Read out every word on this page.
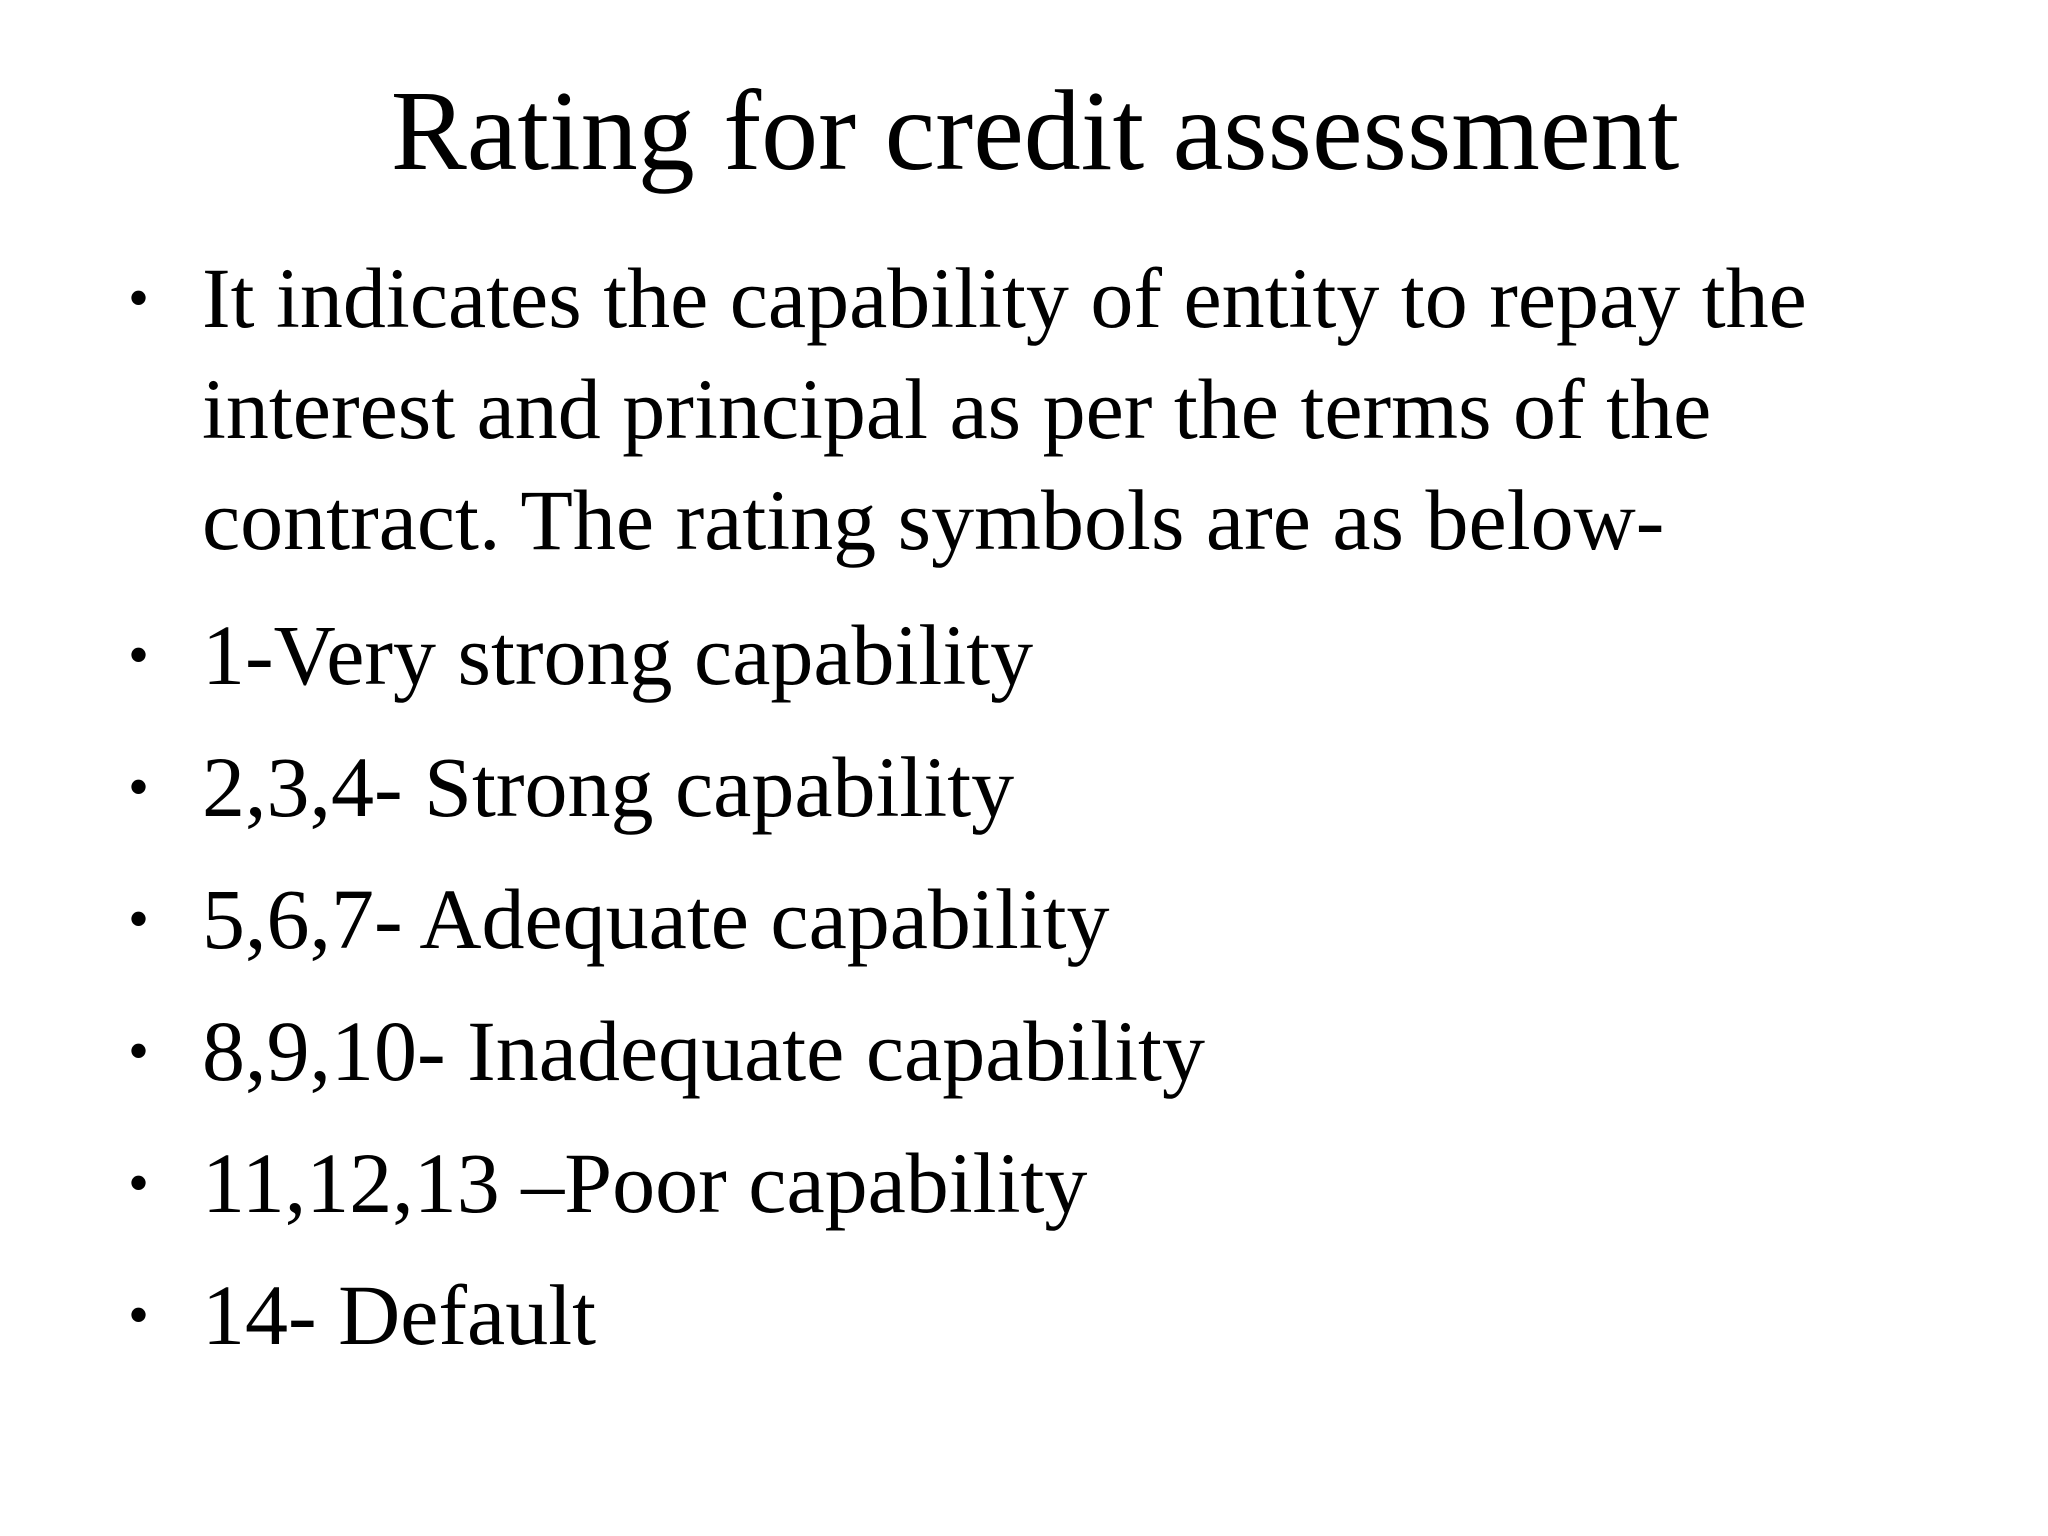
Rating for credit assessment
• It indicates the capability of entity to repay the interest and principal as per the terms of the contract. The rating symbols are as below-
• 1-Very strong capability
• 2,3,4- Strong capability
• 5,6,7- Adequate capability
• 8,9,10- Inadequate capability
• 11,12,13 –Poor capability
• 14- Default
